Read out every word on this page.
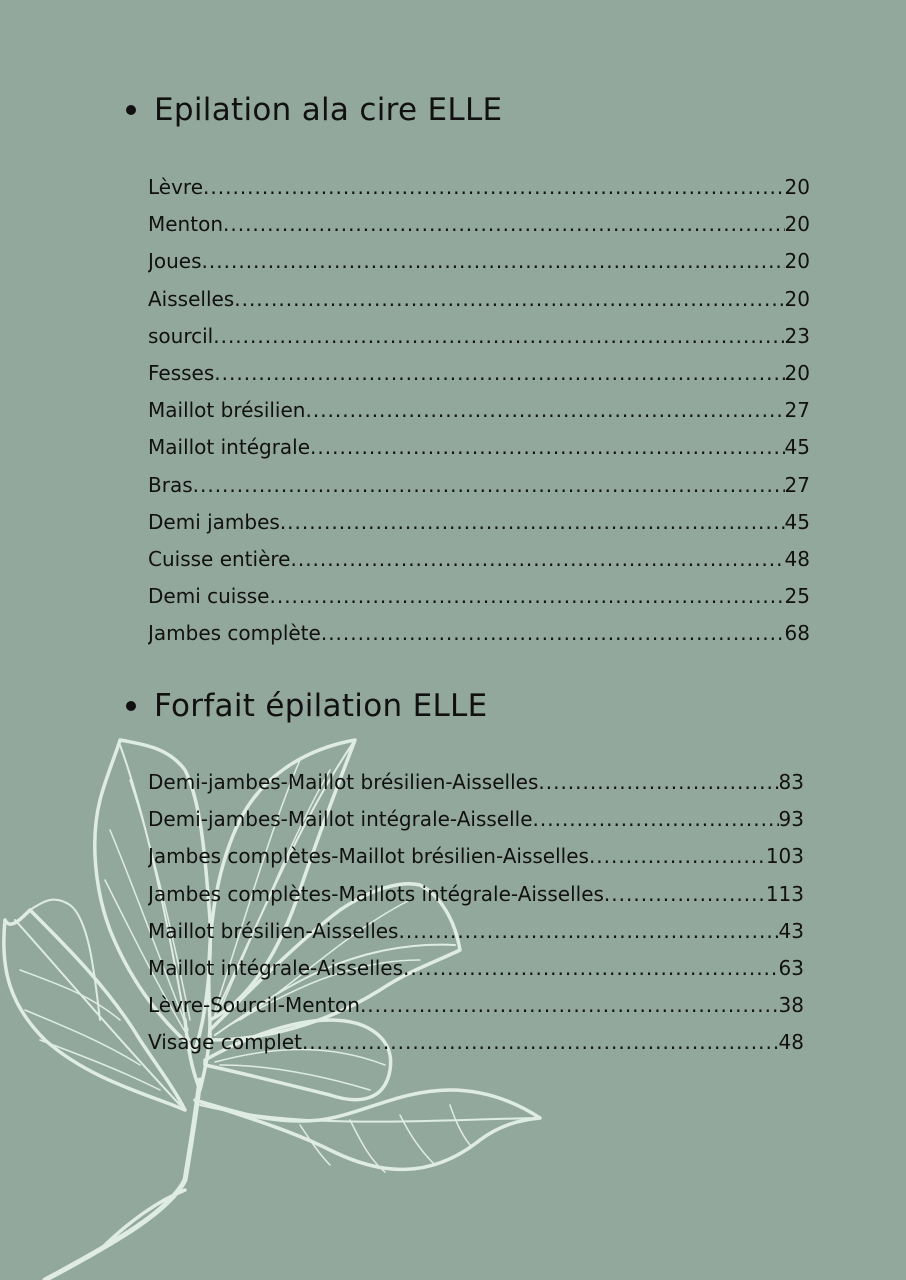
Epilation ala cire ELLE
Lèvre .....	20
Menton .....	20
Joues .....	20
Aisselles .....	20
sourcil .....	23
Fesses .....	20
Maillot brésilien .....	27
Maillot intégrale .....	45
Bras .....	27
Demi jambes .....	45
Cuisse entière .....	48
Demi cuisse .....	25
Jambes complète .....	68
Forfait épilation ELLE
Demi-jambes-Maillot brésilien-Aisselles .....	83
Demi-jambes-Maillot intégrale-Aisselle .....	93
Jambes complètes-Maillot brésilien-Aisselles .....	103
Jambes complètes-Maillots intégrale-Aisselles .....	113
Maillot brésilien-Aisselles .....	43
Maillot intégrale-Aisselles .....	63
Lèvre-Sourcil-Menton .....	38
Visage complet .....	48
